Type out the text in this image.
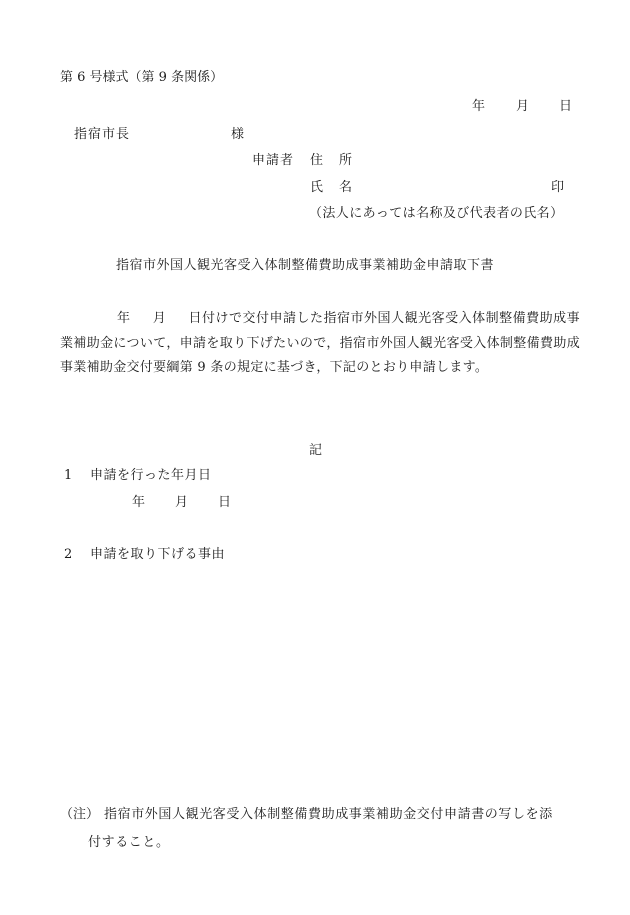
第 6 号様式（第 9 条関係）
年 月 日
指宿市長	様
申請者 住 所
氏 名	印
（法人にあっては名称及び代表者の氏名）
指宿市外国人観光客受入体制整備費助成事業補助金申請取下書
年 月 日付けで交付申請した指宿市外国人観光客受入体制整備費助成事業補助金について，申請を取り下げたいので，指宿市外国人観光客受入体制整備費助成事業補助金交付要綱第 9 条の規定に基づき，下記のとおり申請します。
記
1 申請を行った年月日
年 月 日
2 申請を取り下げる事由
（注） 指宿市外国人観光客受入体制整備費助成事業補助金交付申請書の写しを添
付すること。
